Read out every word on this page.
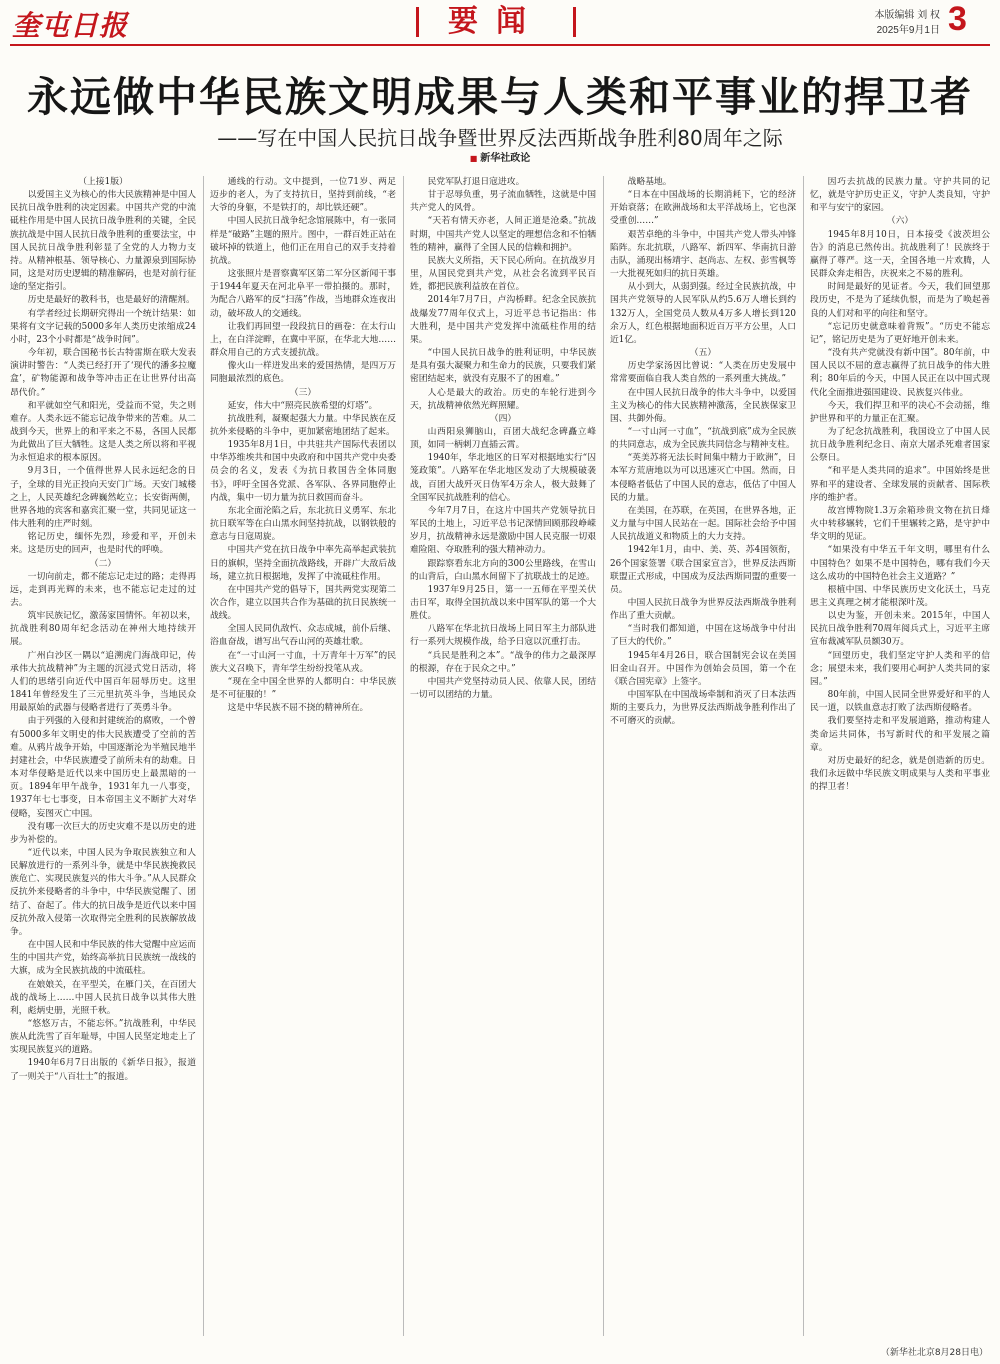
奎屯日报	要闻	本版编辑 刘 权
2025年9月1日 3
永远做中华民族文明成果与人类和平事业的捍卫者
——写在中国人民抗日战争暨世界反法西斯战争胜利80周年之际
■ 新华社政论

（上接1版）

以爱国主义为核心的伟大民族精神是中国人民抗日战争胜利的决定因素。中国共产党的中流砥柱作用是中国人民抗日战争胜利的关键，全民族抗战是中国人民抗日战争胜利的重要法宝，中国人民抗日战争胜利彰显了全党的人力物力支持。从精神根基、领导核心、力量源泉到国际协同，这是对历史逻辑的精准解码，也是对前行征途的坚定指引。

历史是最好的教科书，也是最好的清醒剂。

有学者经过长期研究得出一个统计结果：如果将有文字记载的5000多年人类历史浓缩成24小时，23个小时都是“战争时间”。

今年初，联合国秘书长古特雷斯在联大发表演讲时警告：“人类已经打开了‘现代的潘多拉魔盒’，矿物能源和战争等冲击正在让世界付出高昂代价。”

和平就如空气和阳光，受益而不觉，失之则难存。人类永远不能忘记战争带来的苦难。从二战到今天，世界上的和平来之不易，各国人民都为此做出了巨大牺牲。这是人类之所以将和平视为永恒追求的根本原因。

9月3日，一个值得世界人民永远纪念的日子，全球的目光正投向天安门广场。天安门城楼之上，人民英雄纪念碑巍然屹立；长安街两侧，世界各地的宾客和嘉宾汇聚一堂，共同见证这一伟大胜利的庄严时刻。

铭记历史，缅怀先烈，珍爱和平，开创未来。这是历史的回声，也是时代的呼唤。

（二）

一切向前走，都不能忘记走过的路；走得再远，走到再光辉的未来，也不能忘记走过的过去。

筑牢民族记忆，激荡家国情怀。年初以来，抗战胜利80周年纪念活动在神州大地持续开展。

广州白沙区一隅以“追溯虎门海战印记，传承伟大抗战精神”为主题的沉浸式党日活动，将人们的思绪引向近代中国百年屈辱历史。这里1841年曾经发生了三元里抗英斗争，当地民众用最原始的武器与侵略者进行了英勇斗争。

由于列强的入侵和封建统治的腐败，一个曾有5000多年文明史的伟大民族遭受了空前的苦难。从鸦片战争开始，中国逐渐沦为半殖民地半封建社会，中华民族遭受了前所未有的劫难。日本对华侵略是近代以来中国历史上最黑暗的一页。1894年甲午战争，1931年九一八事变，1937年七七事变，日本帝国主义不断扩大对华侵略，妄图灭亡中国。

没有哪一次巨大的历史灾难不是以历史的进步为补偿的。

“近代以来，中国人民为争取民族独立和人民解放进行的一系列斗争，就是中华民族挽救民族危亡、实现民族复兴的伟大斗争。”从人民群众反抗外来侵略者的斗争中，中华民族觉醒了、团结了、奋起了。伟大的抗日战争是近代以来中国反抗外敌入侵第一次取得完全胜利的民族解放战争。

在中国人民和中华民族的伟大觉醒中应运而生的中国共产党，始终高举抗日民族统一战线的大旗，成为全民族抗战的中流砥柱。

在娘娘关，在平型关，在雁门关，在百团大战的战场上……中国人民抗日战争以其伟大胜利，彪炳史册，光照千秋。

“悠悠万古，不能忘怀。”抗战胜利，中华民族从此洗雪了百年耻辱，中国人民坚定地走上了实现民族复兴的道路。

1940年6月7日出版的《新华日报》，报道了一则关于“八百壮士”的报道。

通线的行动。文中提到，一位71岁、两足迈步的老人，为了支持抗日，坚持到前线，“老大爷的身躯，不是铁打的，却比铁还硬”。

中国人民抗日战争纪念馆展陈中，有一张同样是“破路”主题的照片。图中，一群百姓正站在破坏掉的铁道上，他们正在用自己的双手支持着抗战。

这张照片是晋察冀军区第二军分区新闻干事于1944年夏天在河北阜平一带拍摄的。那时，为配合八路军的反“扫荡”作战，当地群众连夜出动，破坏敌人的交通线。

让我们再回望一段段抗日的画卷：在太行山上，在白洋淀畔，在冀中平原，在华北大地……群众用自己的方式支援抗战。

像火山一样迸发出来的爱国热情，是四万万同胞最浓烈的底色。

（三）

延安，伟大中“照亮民族希望的灯塔”。

抗战胜利，凝聚起强大力量。中华民族在反抗外来侵略的斗争中，更加紧密地团结了起来。

1935年8月1日，中共驻共产国际代表团以中华苏维埃共和国中央政府和中国共产党中央委员会的名义，发表《为抗日救国告全体同胞书》，呼吁全国各党派、各军队、各界同胞停止内战，集中一切力量为抗日救国而奋斗。

东北全面沦陷之后，东北抗日义勇军、东北抗日联军等在白山黑水间坚持抗战，以钢铁般的意志与日寇周旋。

中国共产党在抗日战争中率先高举起武装抗日的旗帜，坚持全面抗战路线，开辟广大敌后战场，建立抗日根据地，发挥了中流砥柱作用。

在中国共产党的倡导下，国共两党实现第二次合作，建立以国共合作为基础的抗日民族统一战线。

全国人民同仇敌忾、众志成城，前仆后继、浴血奋战，谱写出气吞山河的英雄壮歌。

在“一寸山河一寸血，十万青年十万军”的民族大义召唤下，青年学生纷纷投笔从戎。

“现在全中国全世界的人都明白：中华民族是不可征服的！”

这是中华民族不屈不挠的精神所在。

民党军队打退日寇进攻。

甘于忍辱负重，男子流血牺牲，这就是中国共产党人的风骨。

“天若有情天亦老，人间正道是沧桑。”抗战时期，中国共产党人以坚定的理想信念和不怕牺牲的精神，赢得了全国人民的信赖和拥护。

民族大义所指，天下民心所向。在抗战岁月里，从国民党到共产党，从社会名流到平民百姓，都把民族利益放在首位。

2014年7月7日，卢沟桥畔。纪念全民族抗战爆发77周年仪式上，习近平总书记指出：伟大胜利，是中国共产党发挥中流砥柱作用的结果。

“中国人民抗日战争的胜利证明，中华民族是具有强大凝聚力和生命力的民族，只要我们紧密团结起来，就没有克服不了的困难。”

人心是最大的政治。历史的车轮行进到今天，抗战精神依然光辉照耀。

（四）

山西阳泉狮脑山，百团大战纪念碑矗立峰顶，如同一柄刺刀直插云霄。

1940年，华北地区的日军对根据地实行“囚笼政策”。八路军在华北地区发动了大规模破袭战，百团大战歼灭日伪军4万余人，极大鼓舞了全国军民抗战胜利的信心。

今年7月7日，在这片中国共产党领导抗日军民的土地上，习近平总书记深情回顾那段峥嵘岁月，抗战精神永远是激励中国人民克服一切艰难险阻、夺取胜利的强大精神动力。

跟踪察看东北方向的300公里路线，在雪山的山背后，白山黑水间留下了抗联战士的足迹。

1937年9月25日，第一一五师在平型关伏击日军，取得全国抗战以来中国军队的第一个大胜仗。

八路军在华北抗日战场上同日军主力部队进行一系列大规模作战，给予日寇以沉重打击。

“兵民是胜利之本”。“战争的伟力之最深厚的根源，存在于民众之中。”

中国共产党坚持动员人民、依靠人民，团结一切可以团结的力量。

战略基地。

“日本在中国战场的长期消耗下，它的经济开始衰落；在欧洲战场和太平洋战场上，它也深受重创……”

艰苦卓绝的斗争中，中国共产党人带头冲锋陷阵。东北抗联，八路军、新四军、华南抗日游击队，涌现出杨靖宇、赵尚志、左权、彭雪枫等一大批视死如归的抗日英雄。

从小到大，从弱到强。经过全民族抗战，中国共产党领导的人民军队从约5.6万人增长到约132万人，全国党员人数从4万多人增长到120余万人，红色根据地面积近百万平方公里，人口近1亿。

（五）

历史学家汤因比曾说：“人类在历史发展中常常要面临自我人类自然的一系列重大挑战。”

在中国人民抗日战争的伟大斗争中，以爱国主义为核心的伟大民族精神激荡，全民族保家卫国、共御外侮。

“一寸山河一寸血”，“抗战到底”成为全民族的共同意志，成为全民族共同信念与精神支柱。

“英美苏将无法长时间集中精力于欧洲”，日本军方荒唐地以为可以迅速灭亡中国。然而，日本侵略者低估了中国人民的意志，低估了中国人民的力量。

在美国，在苏联，在英国，在世界各地，正义力量与中国人民站在一起。国际社会给予中国人民抗战道义和物质上的大力支持。

1942年1月，由中、美、英、苏4国领衔，26个国家签署《联合国家宣言》，世界反法西斯联盟正式形成，中国成为反法西斯同盟的重要一员。

中国人民抗日战争为世界反法西斯战争胜利作出了重大贡献。

“当时我们都知道，中国在这场战争中付出了巨大的代价。”

1945年4月26日，联合国制宪会议在美国旧金山召开。中国作为创始会员国，第一个在《联合国宪章》上签字。

中国军队在中国战场牵制和消灭了日本法西斯的主要兵力，为世界反法西斯战争胜利作出了不可磨灭的贡献。

因巧去抗战的民族力量。守护共同的记忆，就是守护历史正义，守护人类良知，守护和平与安宁的家园。

（六）

1945年8月10日，日本接受《波茨坦公告》的消息已然传出。抗战胜利了！民族终于赢得了尊严。这一天，全国各地一片欢腾，人民群众奔走相告，庆祝来之不易的胜利。

时间是最好的见证者。今天，我们回望那段历史，不是为了延续仇恨，而是为了唤起善良的人们对和平的向往和坚守。

“忘记历史就意味着背叛”。“历史不能忘记”，铭记历史是为了更好地开创未来。

“没有共产党就没有新中国”。80年前，中国人民以不屈的意志赢得了抗日战争的伟大胜利；80年后的今天，中国人民正在以中国式现代化全面推进强国建设、民族复兴伟业。

今天，我们捍卫和平的决心不会动摇，维护世界和平的力量正在汇聚。

为了纪念抗战胜利，我国设立了中国人民抗日战争胜利纪念日、南京大屠杀死难者国家公祭日。

“和平是人类共同的追求”。中国始终是世界和平的建设者、全球发展的贡献者、国际秩序的维护者。

故宫博物院1.3万余箱珍贵文物在抗日烽火中转移辗转，它们千里辗转之路，是守护中华文明的见证。

“如果没有中华五千年文明，哪里有什么中国特色？如果不是中国特色，哪有我们今天这么成功的中国特色社会主义道路？”

根植中国、中华民族历史文化沃土，马克思主义真理之树才能根深叶茂。

以史为鉴，开创未来。2015年，中国人民抗日战争胜利70周年阅兵式上，习近平主席宣布裁减军队员额30万。

“回望历史，我们坚定守护人类和平的信念；展望未来，我们要用心呵护人类共同的家园。”

80年前，中国人民同全世界爱好和平的人民一道，以铁血意志打败了法西斯侵略者。

我们要坚持走和平发展道路，推动构建人类命运共同体，书写新时代的和平发展之篇章。

对历史最好的纪念，就是创造新的历史。我们永远做中华民族文明成果与人类和平事业的捍卫者！

（新华社北京8月28日电）
